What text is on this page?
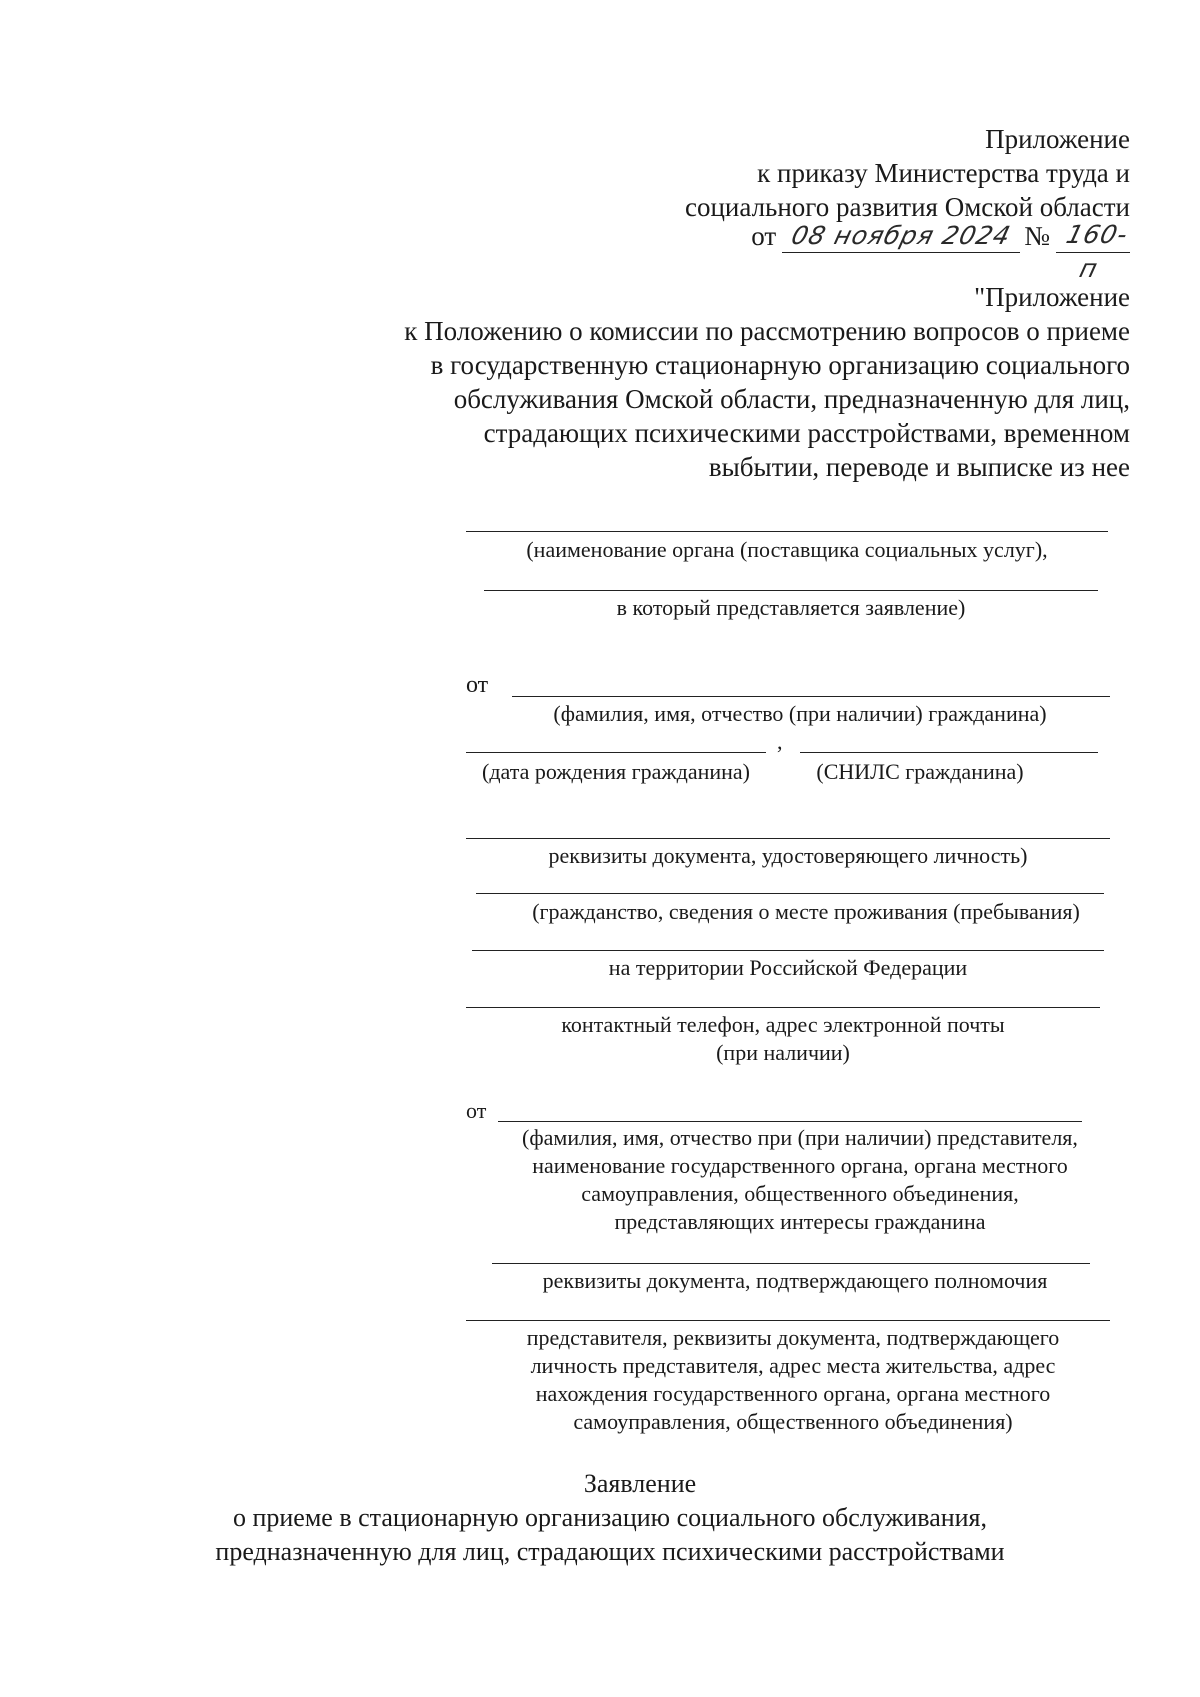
Приложение
к приказу Министерства труда и
социального развития Омской области
от 08 ноября 2024 № 160-п
"Приложение
к Положению о комиссии по рассмотрению вопросов о приеме
в государственную стационарную организацию социального
обслуживания Омской области, предназначенную для лиц,
страдающих психическими расстройствами, временном
выбытии, переводе и выписке из нее
(наименование органа (поставщика социальных услуг),
в который представляется заявление)
от
(фамилия, имя, отчество (при наличии) гражданина)
,
(дата рождения гражданина)	(СНИЛС гражданина)
реквизиты документа, удостоверяющего личность)
(гражданство, сведения о месте проживания (пребывания)
на территории Российской Федерации
контактный телефон, адрес электронной почты
(при наличии)
от
(фамилия, имя, отчество при (при наличии) представителя,
наименование государственного органа, органа местного
самоуправления, общественного объединения,
представляющих интересы гражданина
реквизиты документа, подтверждающего полномочия
представителя, реквизиты документа, подтверждающего
личность представителя, адрес места жительства, адрес
нахождения государственного органа, органа местного
самоуправления, общественного объединения)
Заявление
о приеме в стационарную организацию социального обслуживания,
предназначенную для лиц, страдающих психическими расстройствами
